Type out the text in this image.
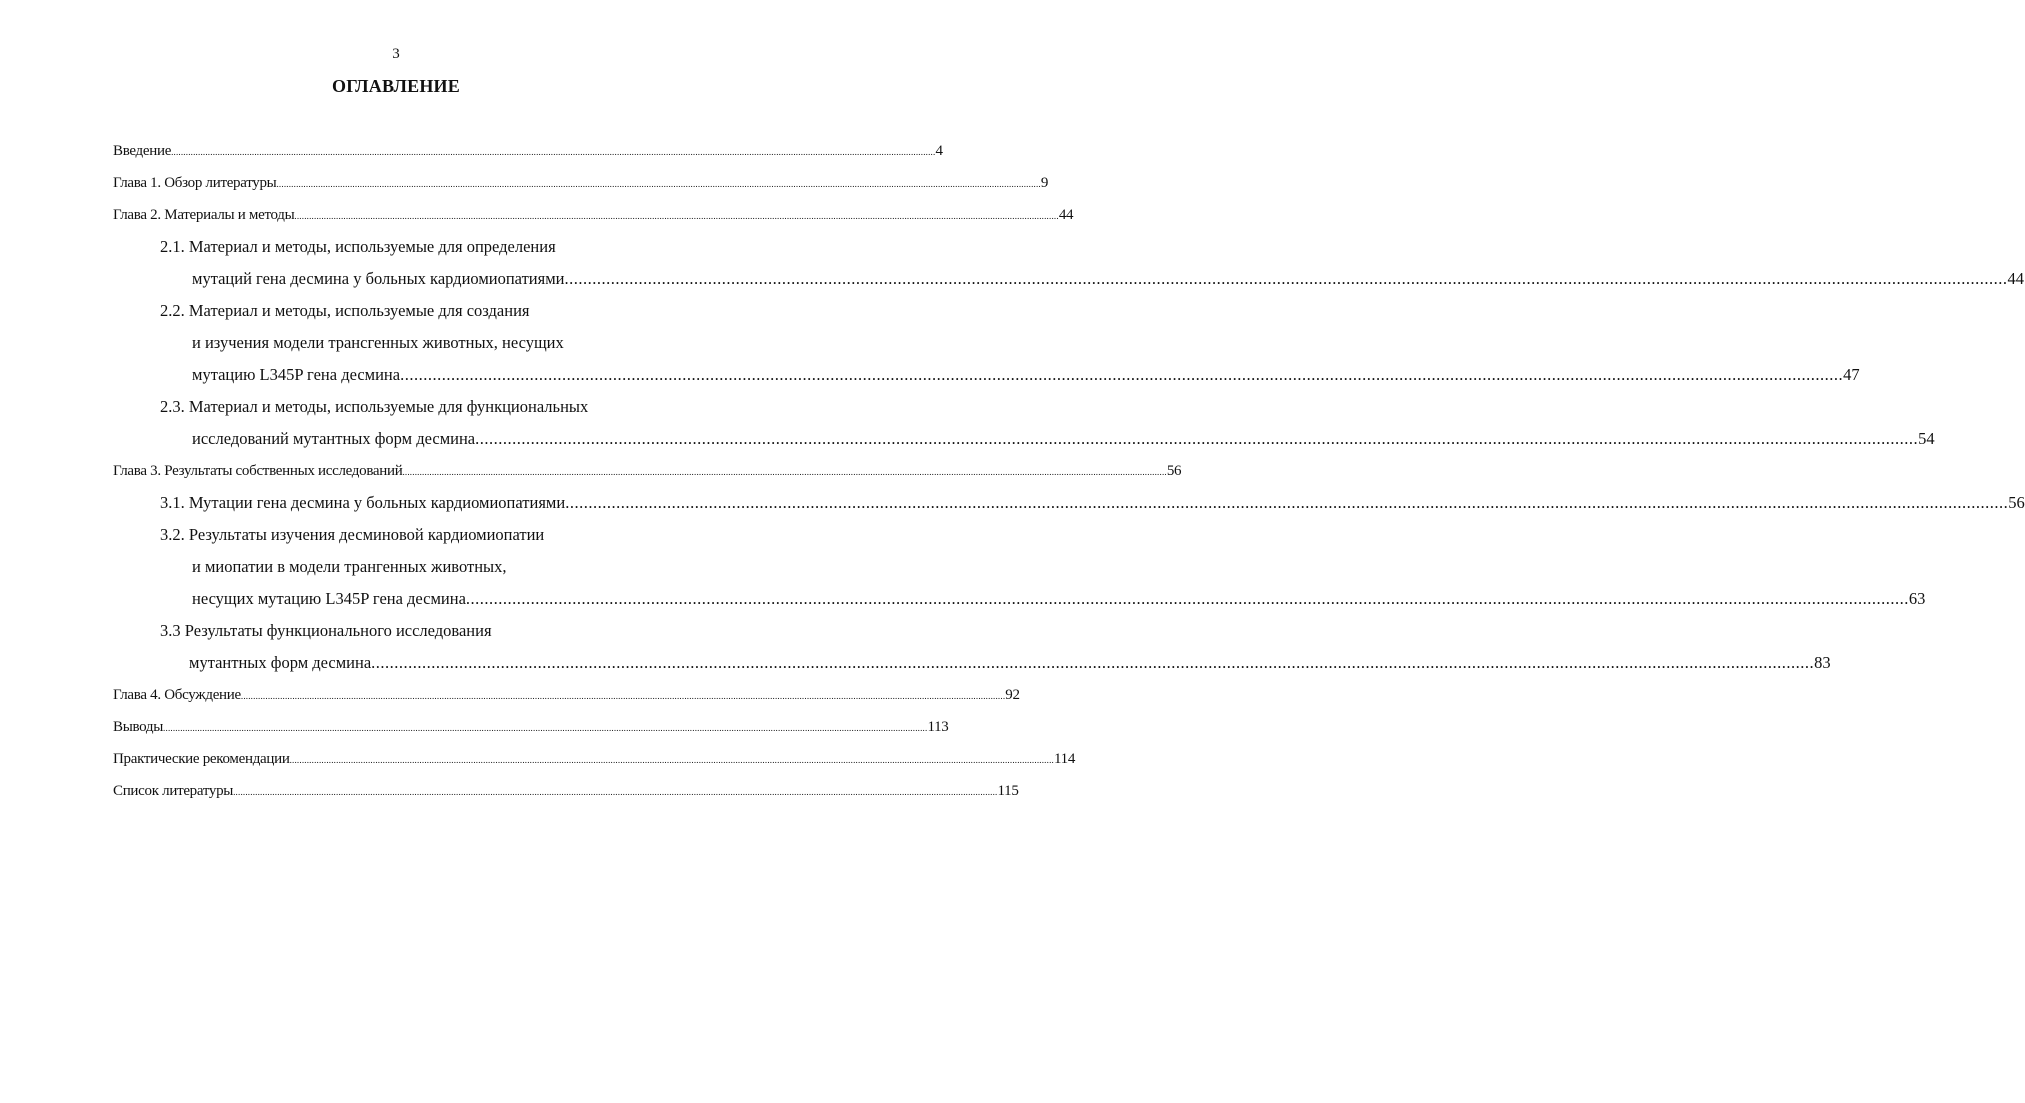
3
ОГЛАВЛЕНИЕ
Введение ........................................................................................................................................................................................................................................................................................................................ 4
Глава 1. Обзор литературы ........................................................................................................................................................................................................................................................................................................................ 9
Глава 2. Материалы и методы ........................................................................................................................................................................................................................................................................................................................ 44
2.1. Материал и методы, используемые для определения
мутаций гена десмина у больных кардиомиопатиями ........................................................................................................................................................................................................................................................................................................................ 44
2.2. Материал и методы, используемые для создания
и изучения модели трансгенных животных, несущих
мутацию L345P гена десмина ........................................................................................................................................................................................................................................................................................................................ 47
2.3. Материал и методы, используемые для функциональных
исследований мутантных форм десмина ........................................................................................................................................................................................................................................................................................................................ 54
Глава 3. Результаты собственных исследований ........................................................................................................................................................................................................................................................................................................................ 56
3.1. Мутации гена десмина у больных кардиомиопатиями ........................................................................................................................................................................................................................................................................................................................ 56
3.2. Результаты изучения десминовой кардиомиопатии
и миопатии в модели трангенных животных,
несущих мутацию L345P гена десмина ........................................................................................................................................................................................................................................................................................................................ 63
3.3 Результаты функционального исследования
мутантных форм десмина ........................................................................................................................................................................................................................................................................................................................ 83
Глава 4. Обсуждение ........................................................................................................................................................................................................................................................................................................................ 92
Выводы ........................................................................................................................................................................................................................................................................................................................ 113
Практические рекомендации ........................................................................................................................................................................................................................................................................................................................ 114
Список литературы ........................................................................................................................................................................................................................................................................................................................ 115
